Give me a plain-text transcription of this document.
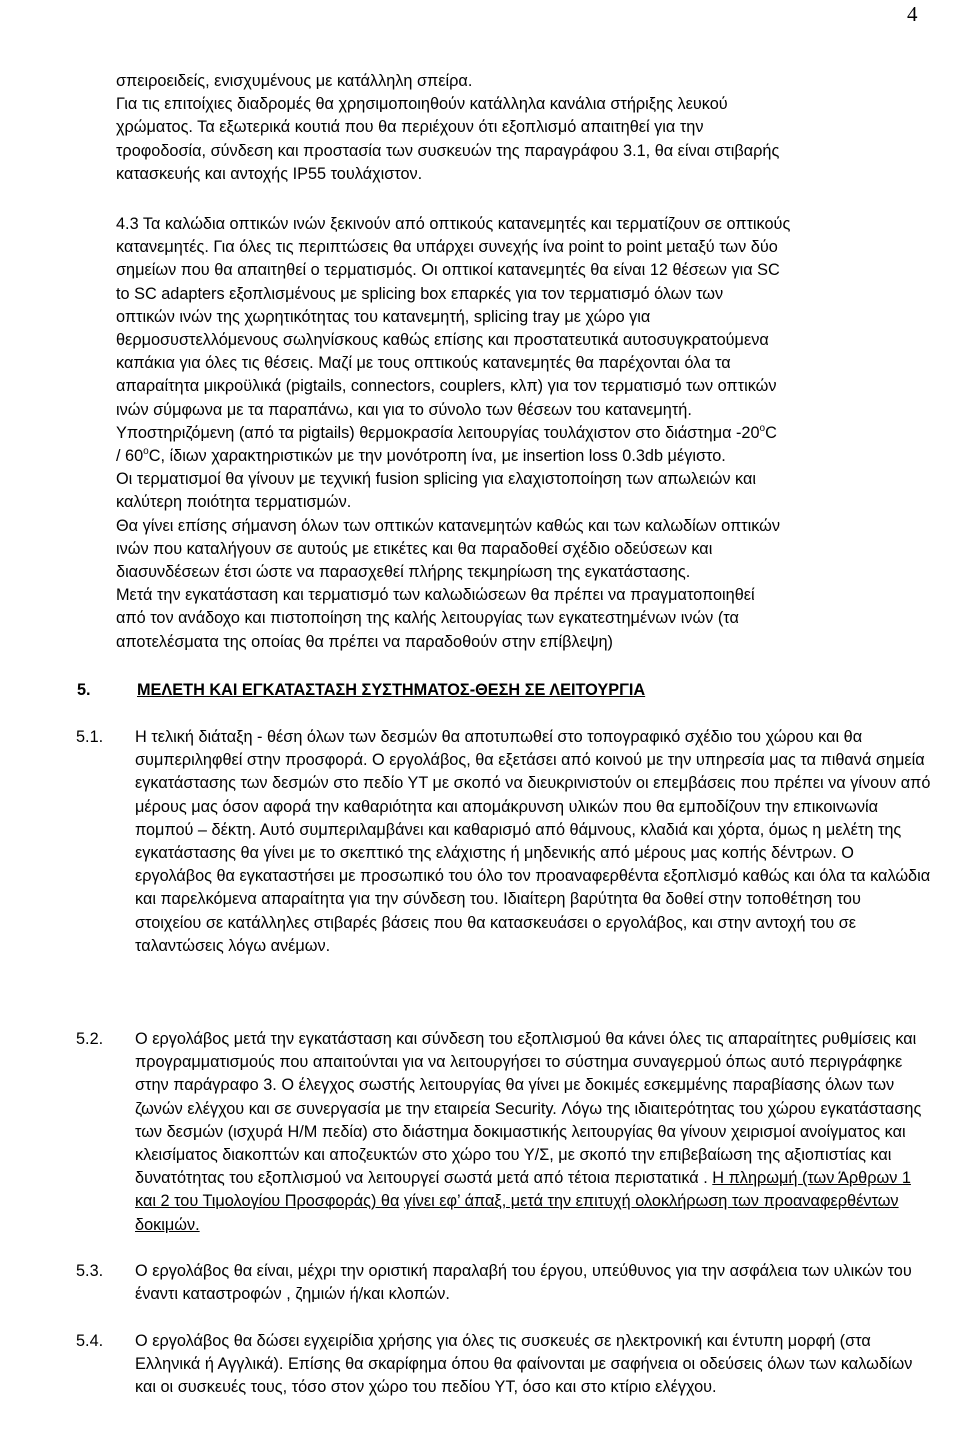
4
σπειροειδείς, ενισχυμένους με κατάλληλη σπείρα.
Για τις επιτοίχιες διαδρομές θα χρησιμοποιηθούν κατάλληλα κανάλια στήριξης λευκού
χρώματος. Τα εξωτερικά κουτιά που θα περιέχουν ότι εξοπλισμό απαιτηθεί για την
τροφοδοσία, σύνδεση και προστασία των συσκευών της παραγράφου 3.1, θα είναι στιβαρής
κατασκευής και αντοχής IP55 τουλάχιστον.
4.3 Τα καλώδια οπτικών ινών ξεκινούν από οπτικούς κατανεμητές και τερματίζουν σε οπτικούς
κατανεμητές. Για όλες τις περιπτώσεις θα υπάρχει συνεχής ίνα point to point μεταξύ των δύο
σημείων που θα απαιτηθεί ο τερματισμός. Οι οπτικοί κατανεμητές θα είναι 12 θέσεων για SC
to SC adapters εξοπλισμένους με splicing box επαρκές για τον τερματισμό όλων των
οπτικών ινών της χωρητικότητας του κατανεμητή, splicing tray με χώρο για
θερμοσυστελλόμενους σωληνίσκους καθώς επίσης και προστατευτικά αυτοσυγκρατούμενα
καπάκια για όλες τις θέσεις. Μαζί με τους οπτικούς κατανεμητές θα παρέχονται όλα τα
απαραίτητα μικροϋλικά (pigtails, connectors, couplers, κλπ) για τον τερματισμό των οπτικών
ινών σύμφωνα με τα παραπάνω, και για το σύνολο των θέσεων του κατανεμητή.
Υποστηριζόμενη (από τα pigtails) θερμοκρασία λειτουργίας τουλάχιστον στο διάστημα -20$^o$C
/ 60$^o$C, ίδιων χαρακτηριστικών με την μονότροπη ίνα, με insertion loss 0.3db μέγιστο.
Οι τερματισμοί θα γίνουν με τεχνική fusion splicing για ελαχιστοποίηση των απωλειών και
καλύτερη ποιότητα τερματισμών.
Θα γίνει επίσης σήμανση όλων των οπτικών κατανεμητών καθώς και των καλωδίων οπτικών
ινών που καταλήγουν σε αυτούς με ετικέτες και θα παραδοθεί σχέδιο οδεύσεων και
διασυνδέσεων έτσι ώστε να παρασχεθεί πλήρης τεκμηρίωση της εγκατάστασης.
Μετά την εγκατάσταση και τερματισμό των καλωδιώσεων θα πρέπει να πραγματοποιηθεί
από τον ανάδοχο και πιστοποίηση της καλής λειτουργίας των εγκατεστημένων ινών (τα
αποτελέσματα της οποίας θα πρέπει να παραδοθούν στην επίβλεψη)
5.	ΜΕΛΕΤΗ ΚΑΙ ΕΓΚΑΤΑΣΤΑΣΗ ΣΥΣΤΗΜΑΤΟΣ-ΘΕΣΗ ΣΕ ΛΕΙΤΟΥΡΓΙΑ
5.1. Η τελική διάταξη - θέση όλων των δεσμών θα αποτυπωθεί στο τοπογραφικό σχέδιο του χώρου και θα συμπεριληφθεί στην προσφορά. Ο εργολάβος, θα εξετάσει από κοινού με την υπηρεσία μας τα πιθανά σημεία εγκατάστασης των δεσμών στο πεδίο ΥΤ με σκοπό να διευκρινιστούν οι επεμβάσεις που πρέπει να γίνουν από μέρους μας όσον αφορά την καθαριότητα και απομάκρυνση υλικών που θα εμποδίζουν την επικοινωνία πομπού – δέκτη. Αυτό συμπεριλαμβάνει και καθαρισμό από θάμνους, κλαδιά και χόρτα, όμως η μελέτη της εγκατάστασης θα γίνει με το σκεπτικό της ελάχιστης ή μηδενικής από μέρους μας κοπής δέντρων. Ο εργολάβος θα εγκαταστήσει με προσωπικό του όλο τον προαναφερθέντα εξοπλισμό καθώς και όλα τα καλώδια και παρελκόμενα απαραίτητα για την σύνδεση του. Ιδιαίτερη βαρύτητα θα δοθεί στην τοποθέτηση του στοιχείου σε κατάλληλες στιβαρές βάσεις που θα κατασκευάσει ο εργολάβος, και στην αντοχή του σε ταλαντώσεις λόγω ανέμων.
5.2. Ο εργολάβος μετά την εγκατάσταση και σύνδεση του εξοπλισμού θα κάνει όλες τις απαραίτητες ρυθμίσεις και προγραμματισμούς που απαιτούνται για να λειτουργήσει το σύστημα συναγερμού όπως αυτό περιγράφηκε στην παράγραφο 3. Ο έλεγχος σωστής λειτουργίας θα γίνει με δοκιμές εσκεμμένης παραβίασης όλων των ζωνών ελέγχου και σε συνεργασία με την εταιρεία Security. Λόγω της ιδιαιτερότητας του χώρου εγκατάστασης των δεσμών (ισχυρά Η/Μ πεδία) στο διάστημα δοκιμαστικής λειτουργίας θα γίνουν χειρισμοί ανοίγματος και κλεισίματος διακοπτών και αποζευκτών στο χώρο του Υ/Σ, με σκοπό την επιβεβαίωση της αξιοπιστίας και δυνατότητας του εξοπλισμού να λειτουργεί σωστά μετά από τέτοια περιστατικά . Η πληρωμή (των Άρθρων 1 και 2 του Τιμολογίου Προσφοράς) θα γίνει εφ’ άπαξ, μετά την επιτυχή ολοκλήρωση των προαναφερθέντων δοκιμών.
5.3. Ο εργολάβος θα είναι, μέχρι την οριστική παραλαβή του έργου, υπεύθυνος για την ασφάλεια των υλικών του έναντι καταστροφών , ζημιών ή/και κλοπών.
5.4. Ο εργολάβος θα δώσει εγχειρίδια χρήσης για όλες τις συσκευές σε ηλεκτρονική και έντυπη μορφή (στα Ελληνικά ή Αγγλικά). Επίσης θα σκαρίφημα όπου θα φαίνονται με σαφήνεια οι οδεύσεις όλων των καλωδίων και οι συσκευές τους, τόσο στον χώρο του πεδίου ΥΤ, όσο και στο κτίριο ελέγχου.
